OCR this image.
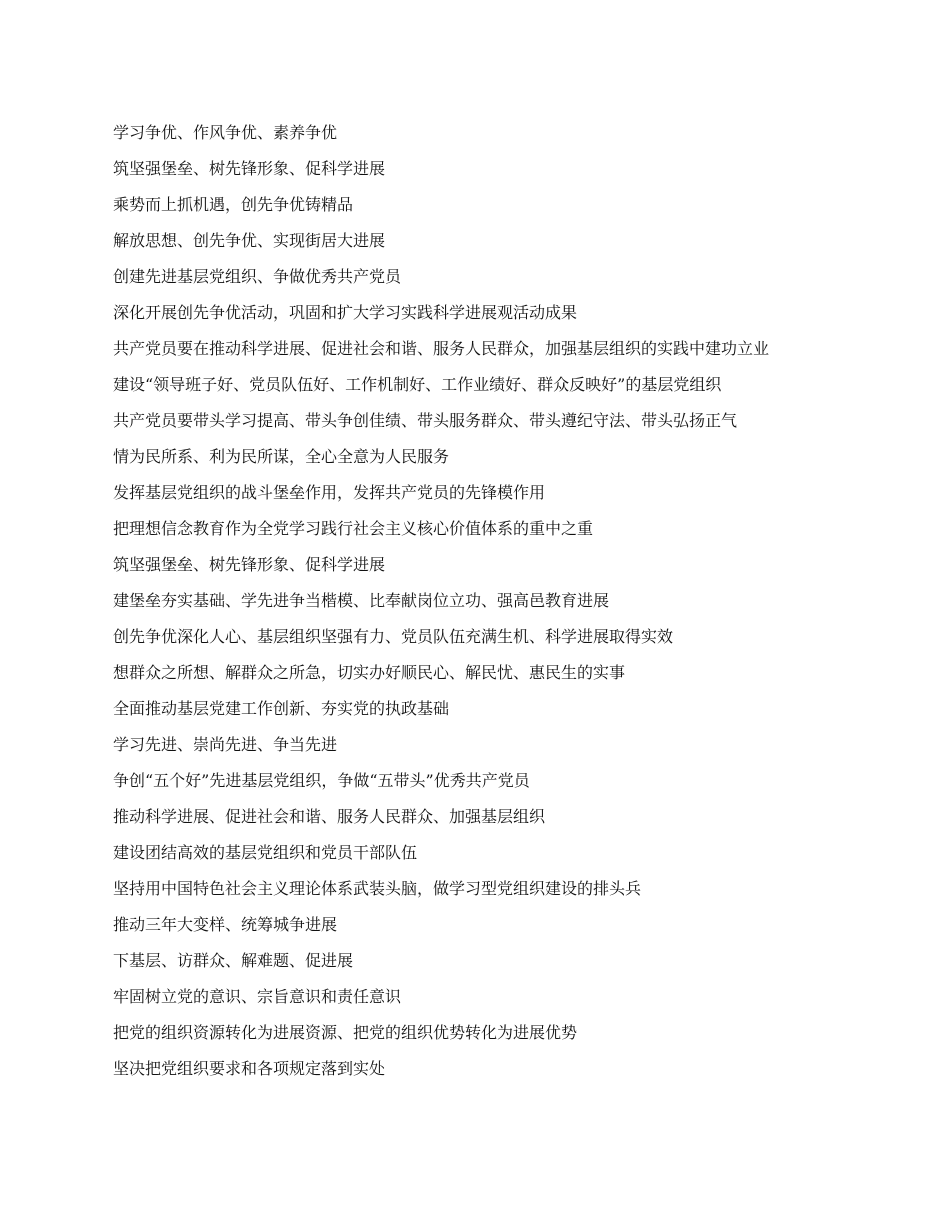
学习争优、作风争优、素养争优
筑坚强堡垒、树先锋形象、促科学进展
乘势而上抓机遇，创先争优铸精品
解放思想、创先争优、实现街居大进展
创建先进基层党组织、争做优秀共产党员
深化开展创先争优活动，巩固和扩大学习实践科学进展观活动成果
共产党员要在推动科学进展、促进社会和谐、服务人民群众，加强基层组织的实践中建功立业
建设“领导班子好、党员队伍好、工作机制好、工作业绩好、群众反映好”的基层党组织
共产党员要带头学习提高、带头争创佳绩、带头服务群众、带头遵纪守法、带头弘扬正气
情为民所系、利为民所谋，全心全意为人民服务
发挥基层党组织的战斗堡垒作用，发挥共产党员的先锋模作用
把理想信念教育作为全党学习践行社会主义核心价值体系的重中之重
筑坚强堡垒、树先锋形象、促科学进展
建堡垒夯实基础、学先进争当楷模、比奉献岗位立功、强高邑教育进展
创先争优深化人心、基层组织坚强有力、党员队伍充满生机、科学进展取得实效
想群众之所想、解群众之所急，切实办好顺民心、解民忧、惠民生的实事
全面推动基层党建工作创新、夯实党的执政基础
学习先进、崇尚先进、争当先进
争创“五个好”先进基层党组织，争做“五带头”优秀共产党员
推动科学进展、促进社会和谐、服务人民群众、加强基层组织
建设团结高效的基层党组织和党员干部队伍
坚持用中国特色社会主义理论体系武装头脑，做学习型党组织建设的排头兵
推动三年大变样、统筹城争进展
下基层、访群众、解难题、促进展
牢固树立党的意识、宗旨意识和责任意识
把党的组织资源转化为进展资源、把党的组织优势转化为进展优势
坚决把党组织要求和各项规定落到实处
